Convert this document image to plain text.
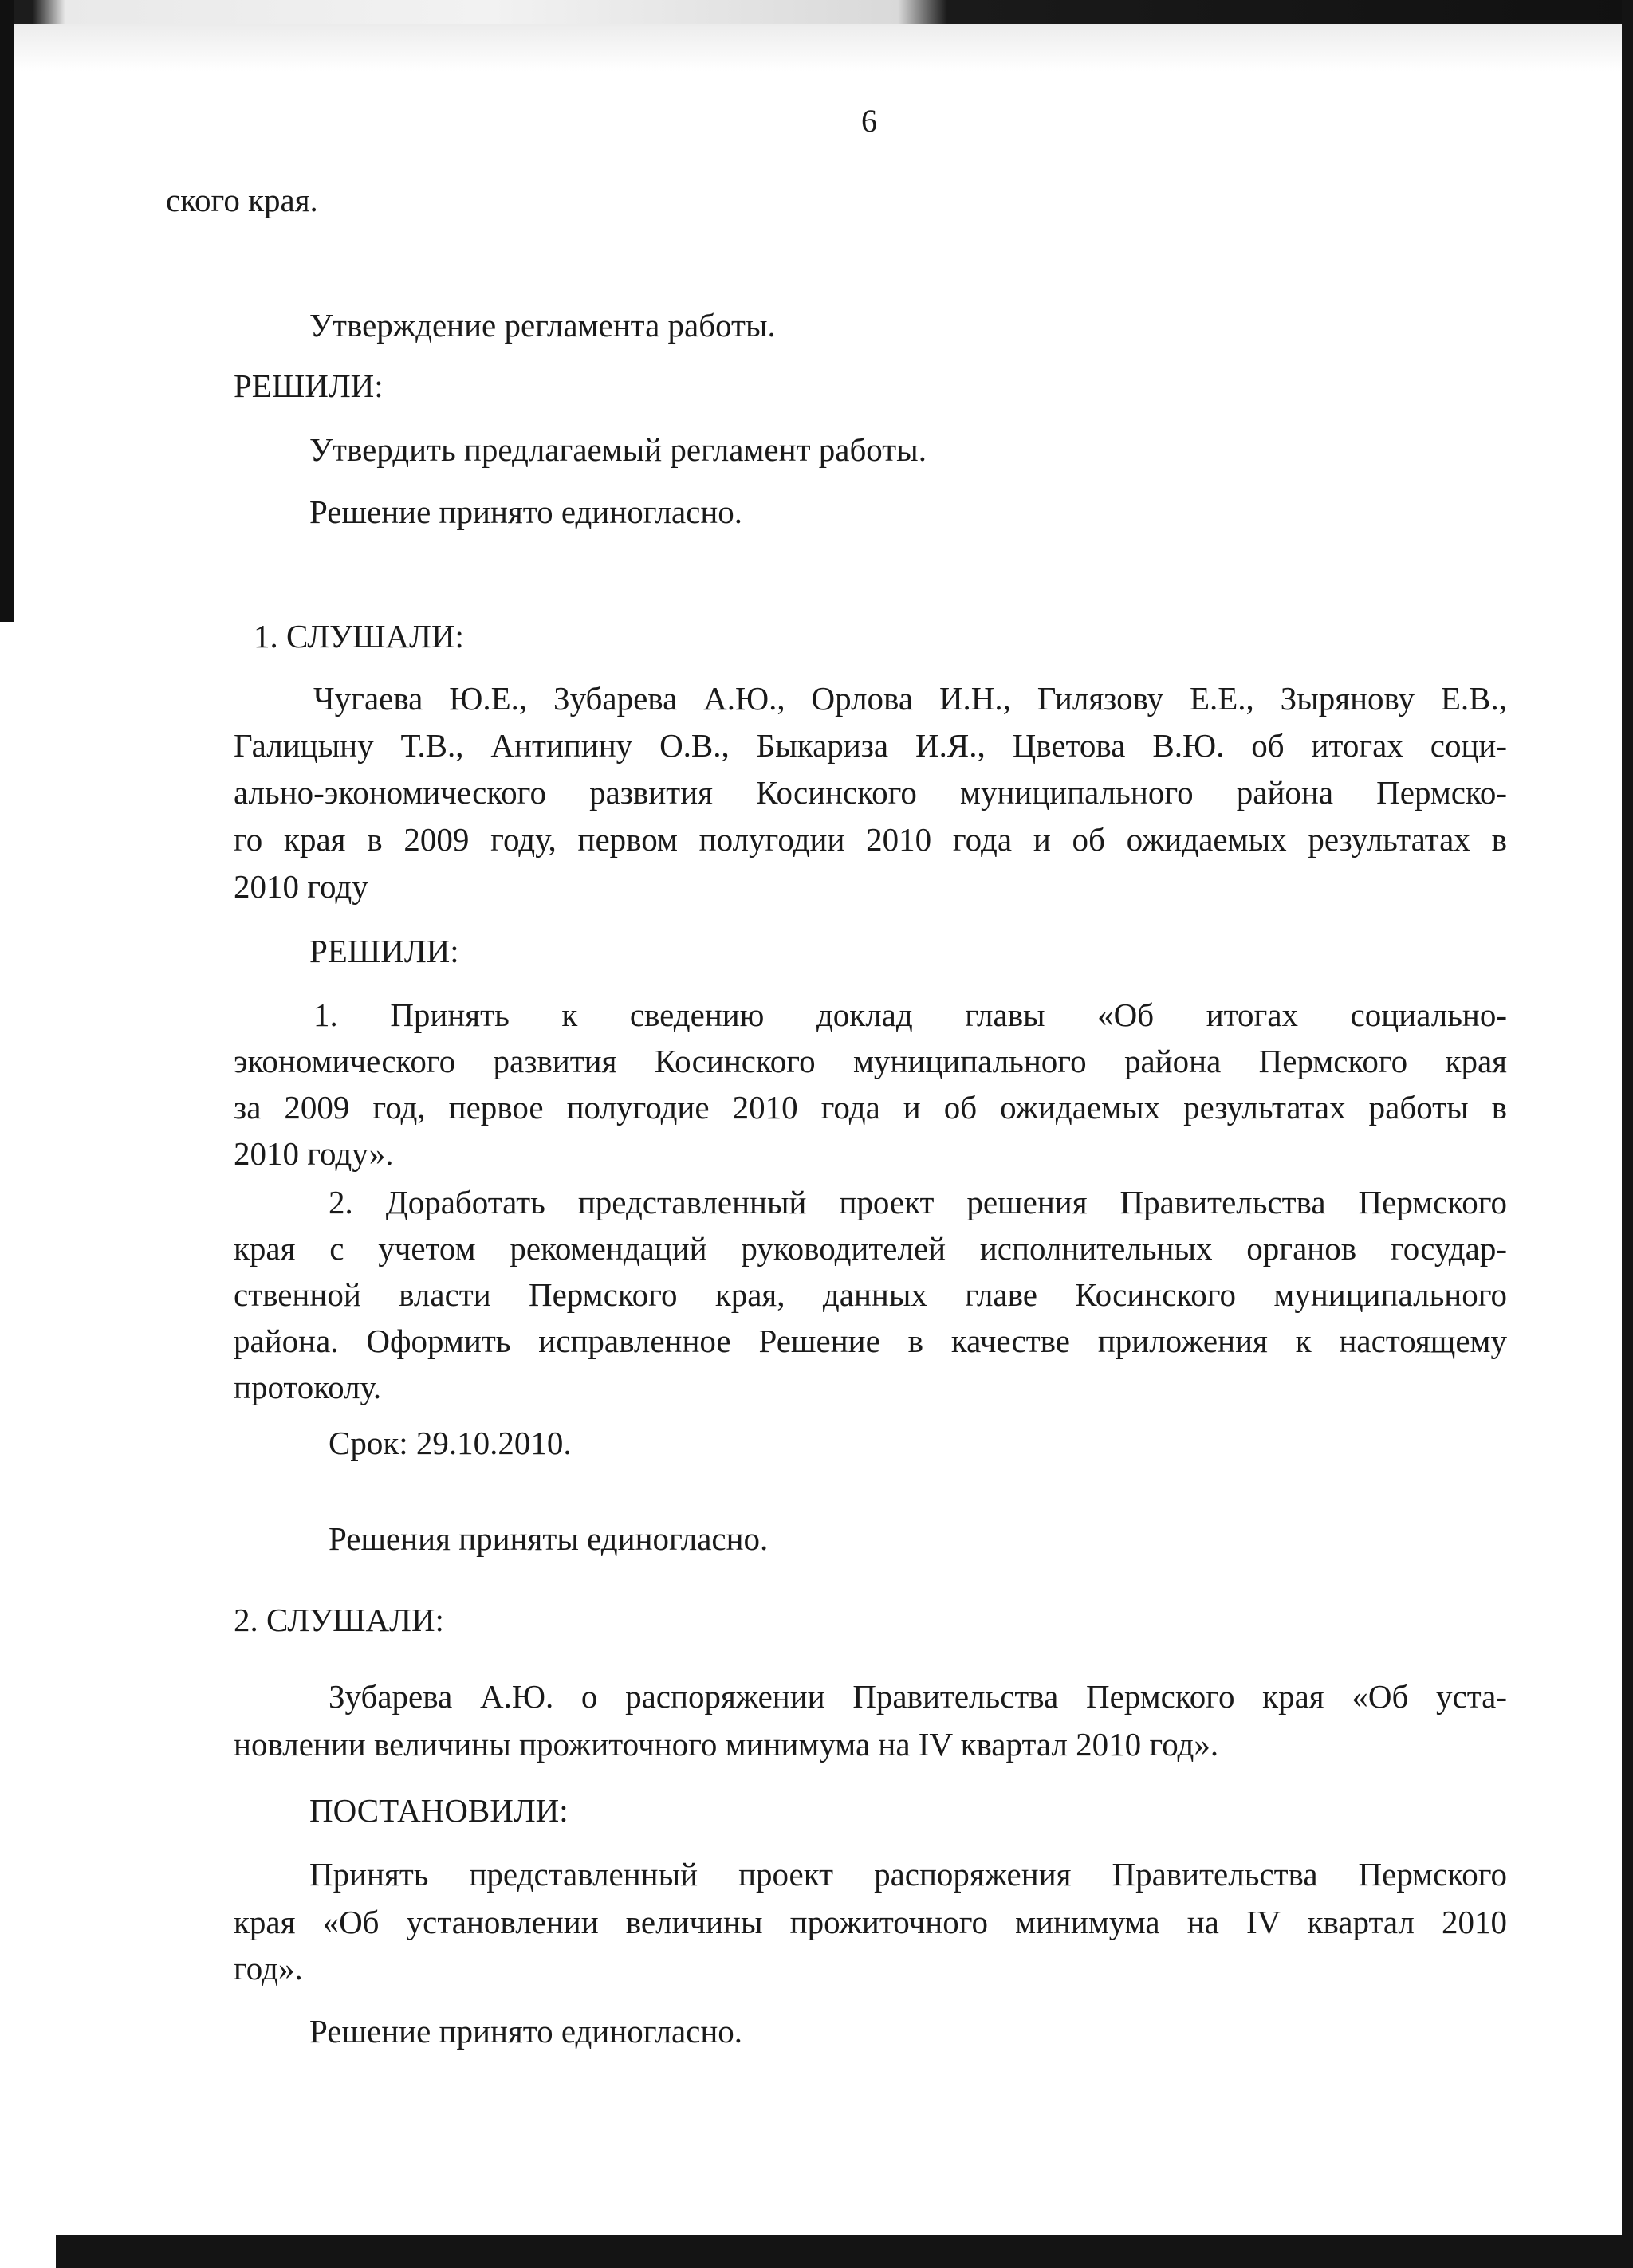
6
ского края.
Утверждение регламента работы.
РЕШИЛИ:
Утвердить предлагаемый регламент работы.
Решение принято единогласно.
1. СЛУШАЛИ:
Чугаева Ю.Е., Зубарева А.Ю., Орлова И.Н., Гилязову Е.Е., Зырянову Е.В.,
Галицыну Т.В., Антипину О.В., Быкариза И.Я., Цветова В.Ю. об итогах соци-
ально-экономического развития Косинского муниципального района Пермско-
го края в 2009 году, первом полугодии 2010 года и об ожидаемых результатах в
2010 году
РЕШИЛИ:
1. Принять к сведению доклад главы «Об итогах социально-
экономического развития Косинского муниципального района Пермского края
за 2009 год, первое полугодие 2010 года и об ожидаемых результатах работы в
2010 году».
2. Доработать представленный проект решения Правительства Пермского
края с учетом рекомендаций руководителей исполнительных органов государ-
ственной власти Пермского края, данных главе Косинского муниципального
района. Оформить исправленное Решение в качестве приложения к настоящему
протоколу.
Срок: 29.10.2010.
Решения приняты единогласно.
2. СЛУШАЛИ:
Зубарева А.Ю. о распоряжении Правительства Пермского края «Об уста-
новлении величины прожиточного минимума на IV квартал 2010 год».
ПОСТАНОВИЛИ:
Принять представленный проект распоряжения Правительства Пермского
края «Об установлении величины прожиточного минимума на IV квартал 2010
год».
Решение принято единогласно.
